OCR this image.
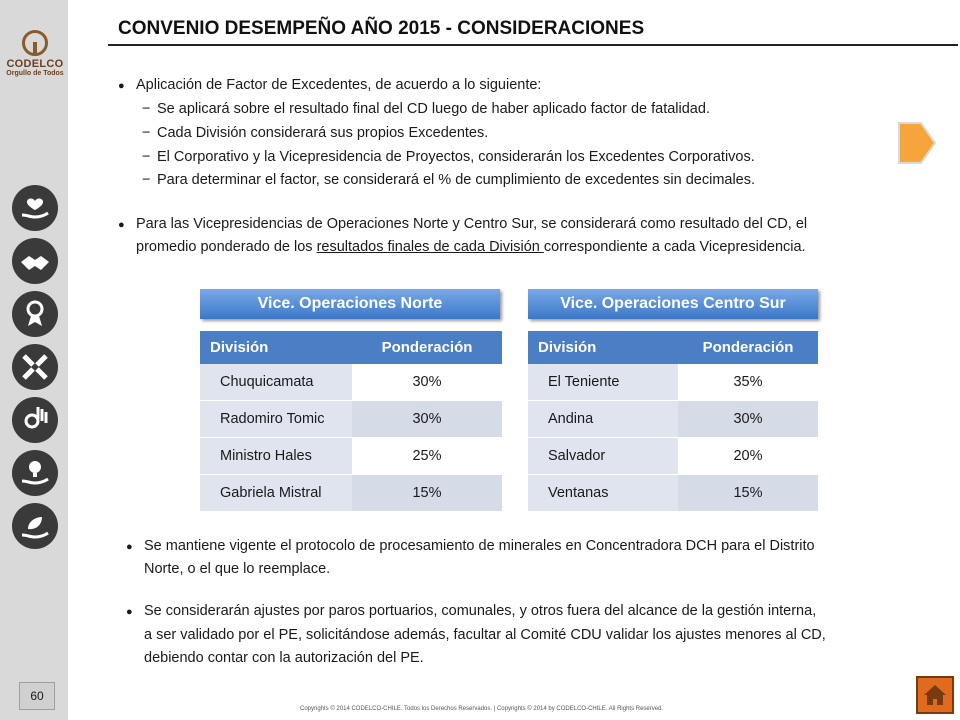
CODELCO
Orgullo de Todos
60
CONVENIO DESEMPEÑO AÑO 2015 - CONSIDERACIONES
● Aplicación de Factor de Excedentes, de acuerdo a lo siguiente:
− Se aplicará sobre el resultado final del CD luego de haber aplicado factor de fatalidad.
− Cada División considerará sus propios Excedentes.
− El Corporativo y la Vicepresidencia de Proyectos, considerarán los Excedentes Corporativos.
− Para determinar el factor, se considerará el % de cumplimiento de excedentes sin decimales.
● Para las Vicepresidencias de Operaciones Norte y Centro Sur, se considerará como resultado del CD, el
promedio ponderado de los resultados finales de cada División correspondiente a cada Vicepresidencia.
Vice. Operaciones Norte	Vice. Operaciones Centro Sur
División	Ponderación
Chuquicamata	30%
Radomiro Tomic	30%
Ministro Hales	25%
Gabriela Mistral	15%
División	Ponderación
El Teniente	35%
Andina	30%
Salvador	20%
Ventanas	15%
● Se mantiene vigente el protocolo de procesamiento de minerales en Concentradora DCH para el Distrito
Norte, o el que lo reemplace.
● Se considerarán ajustes por paros portuarios, comunales, y otros fuera del alcance de la gestión interna,
a ser validado por el PE, solicitándose además, facultar al Comité CDU validar los ajustes menores al CD,
debiendo contar con la autorización del PE.
Copyrights © 2014 CODELCO-CHILE. Todos los Derechos Reservados. | Copyrights © 2014 by CODELCO-CHILE. All Rights Reserved.
